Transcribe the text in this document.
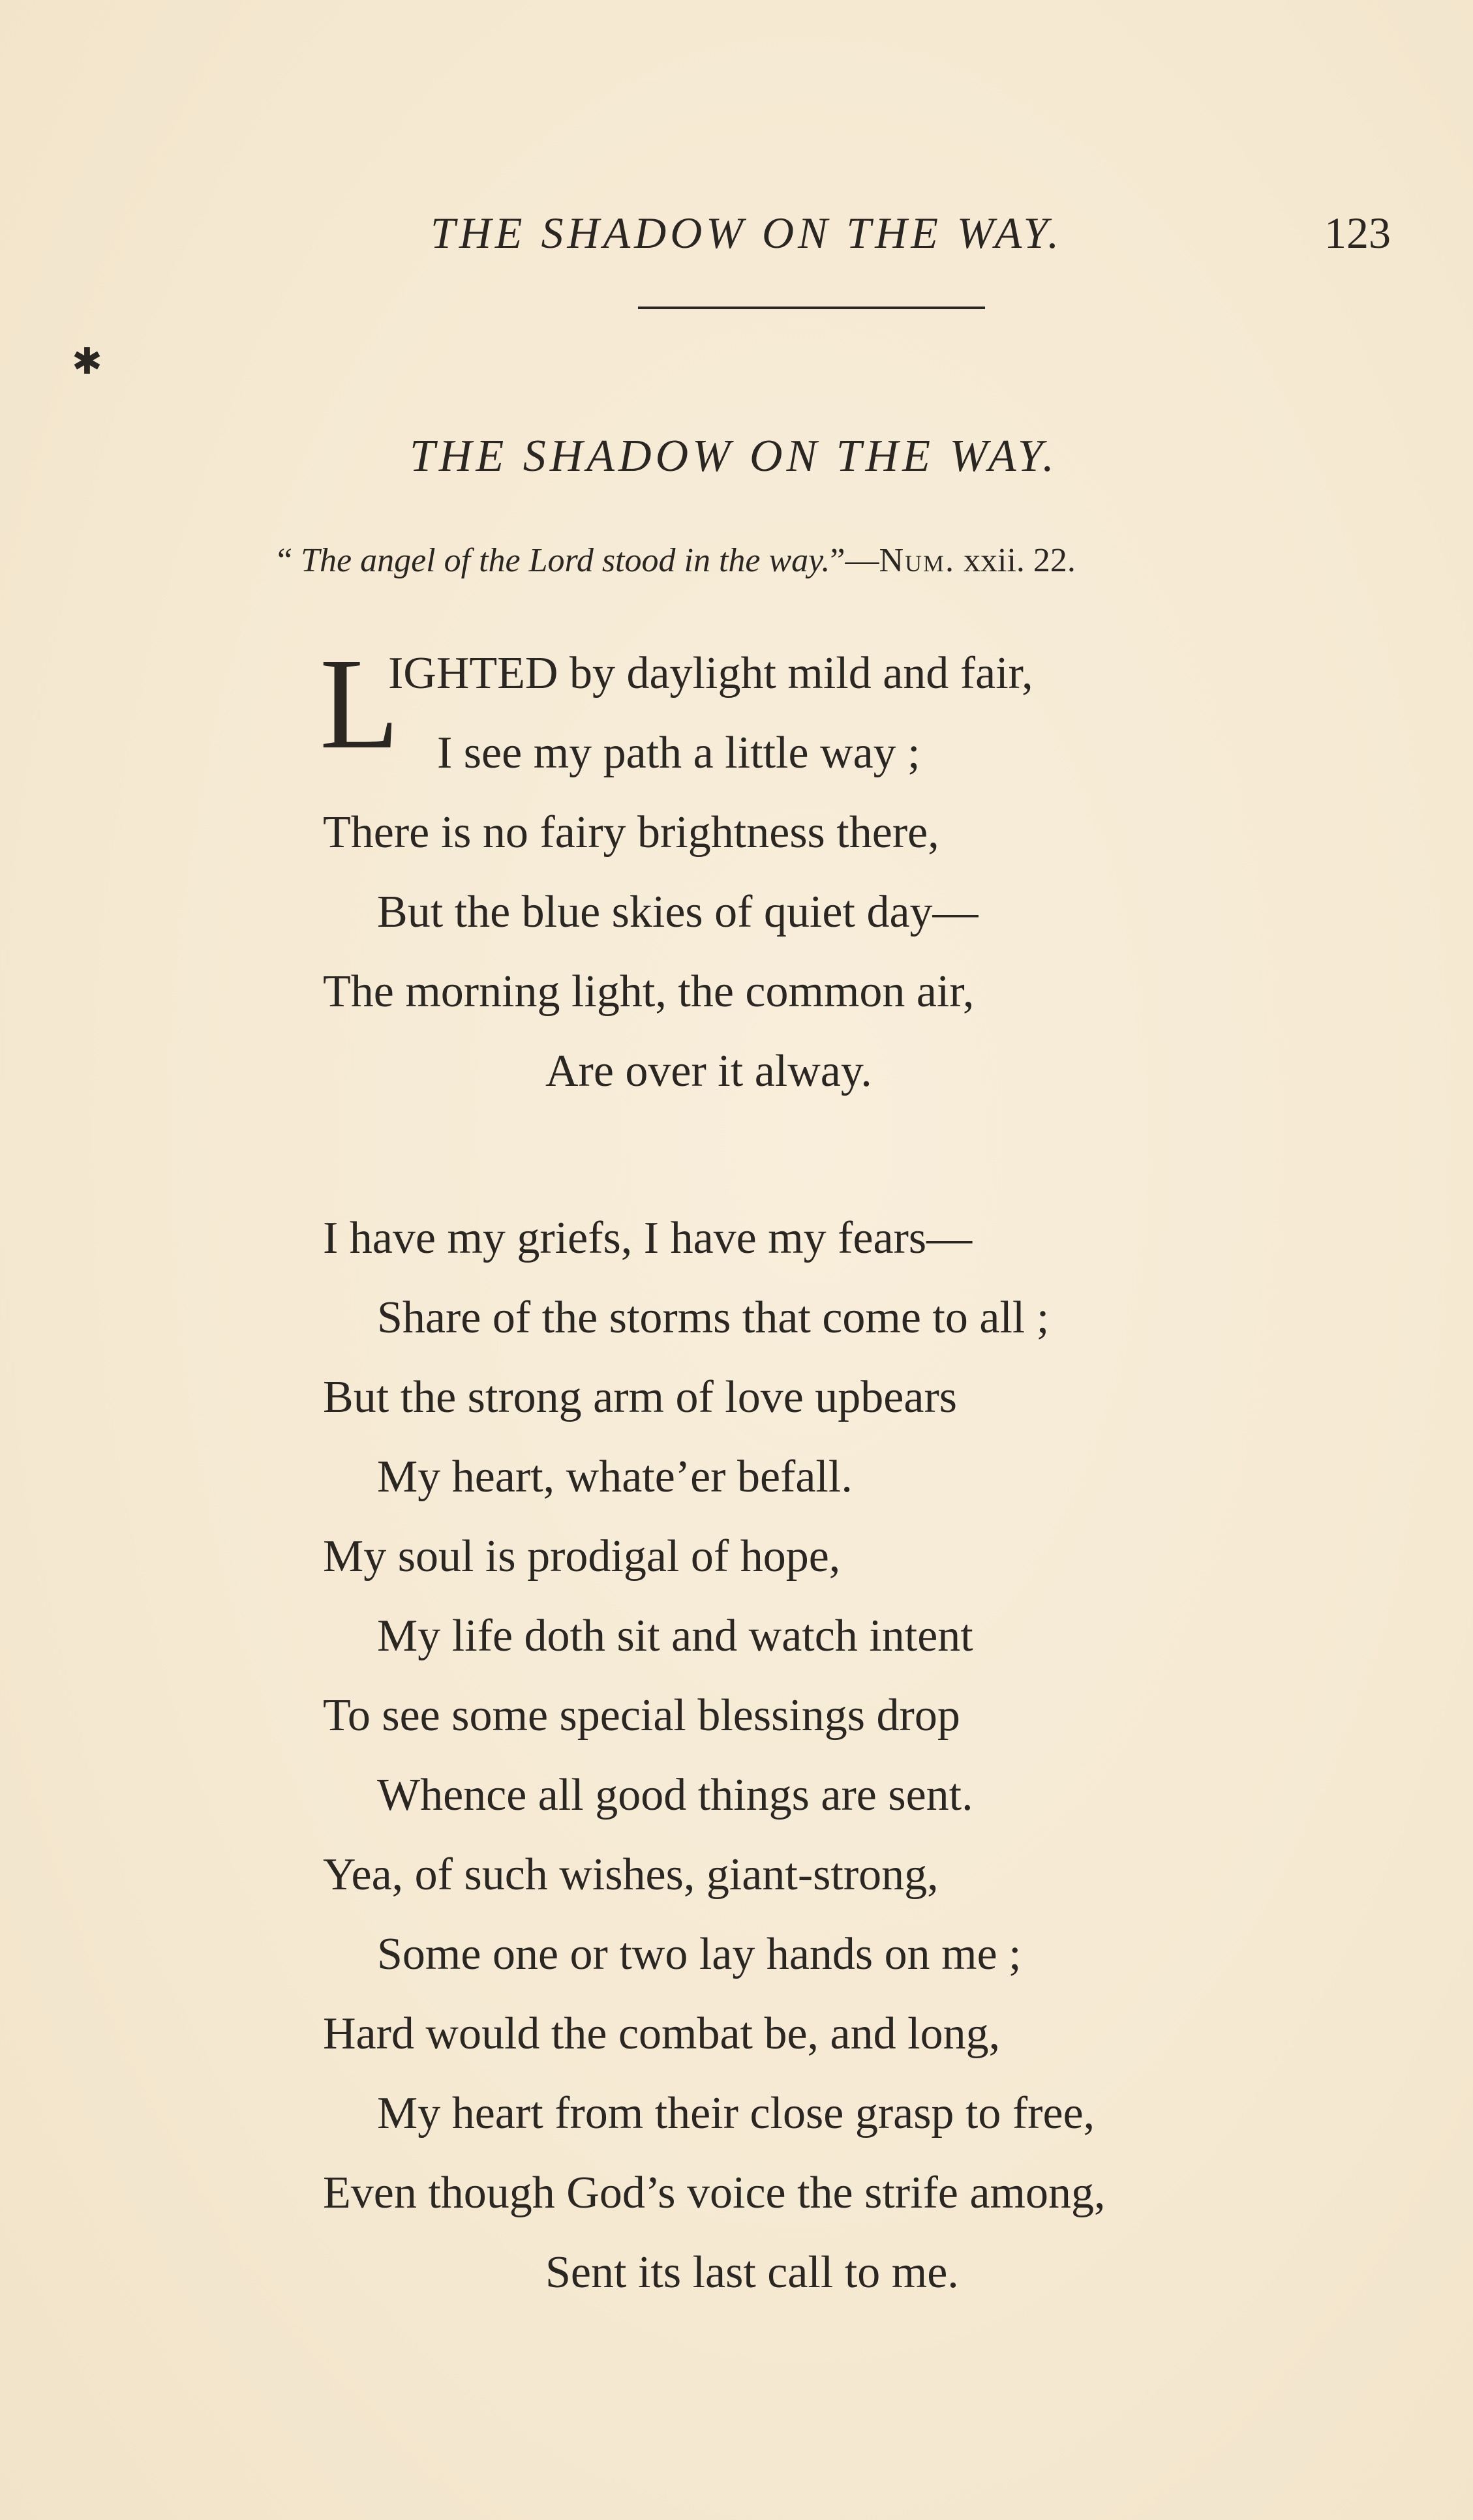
THE SHADOW ON THE WAY.	123
✱
THE SHADOW ON THE WAY.
“ The angel of the Lord stood in the way.”—Num. xxii. 22.
L
IGHTED by daylight mild and fair,
I see my path a little way ;
There is no fairy brightness there,
But the blue skies of quiet day—
The morning light, the common air,
Are over it alway.
I have my griefs, I have my fears—
Share of the storms that come to all ;
But the strong arm of love upbears
My heart, whate’er befall.
My soul is prodigal of hope,
My life doth sit and watch intent
To see some special blessings drop
Whence all good things are sent.
Yea, of such wishes, giant-strong,
Some one or two lay hands on me ;
Hard would the combat be, and long,
My heart from their close grasp to free,
Even though God’s voice the strife among,
Sent its last call to me.
